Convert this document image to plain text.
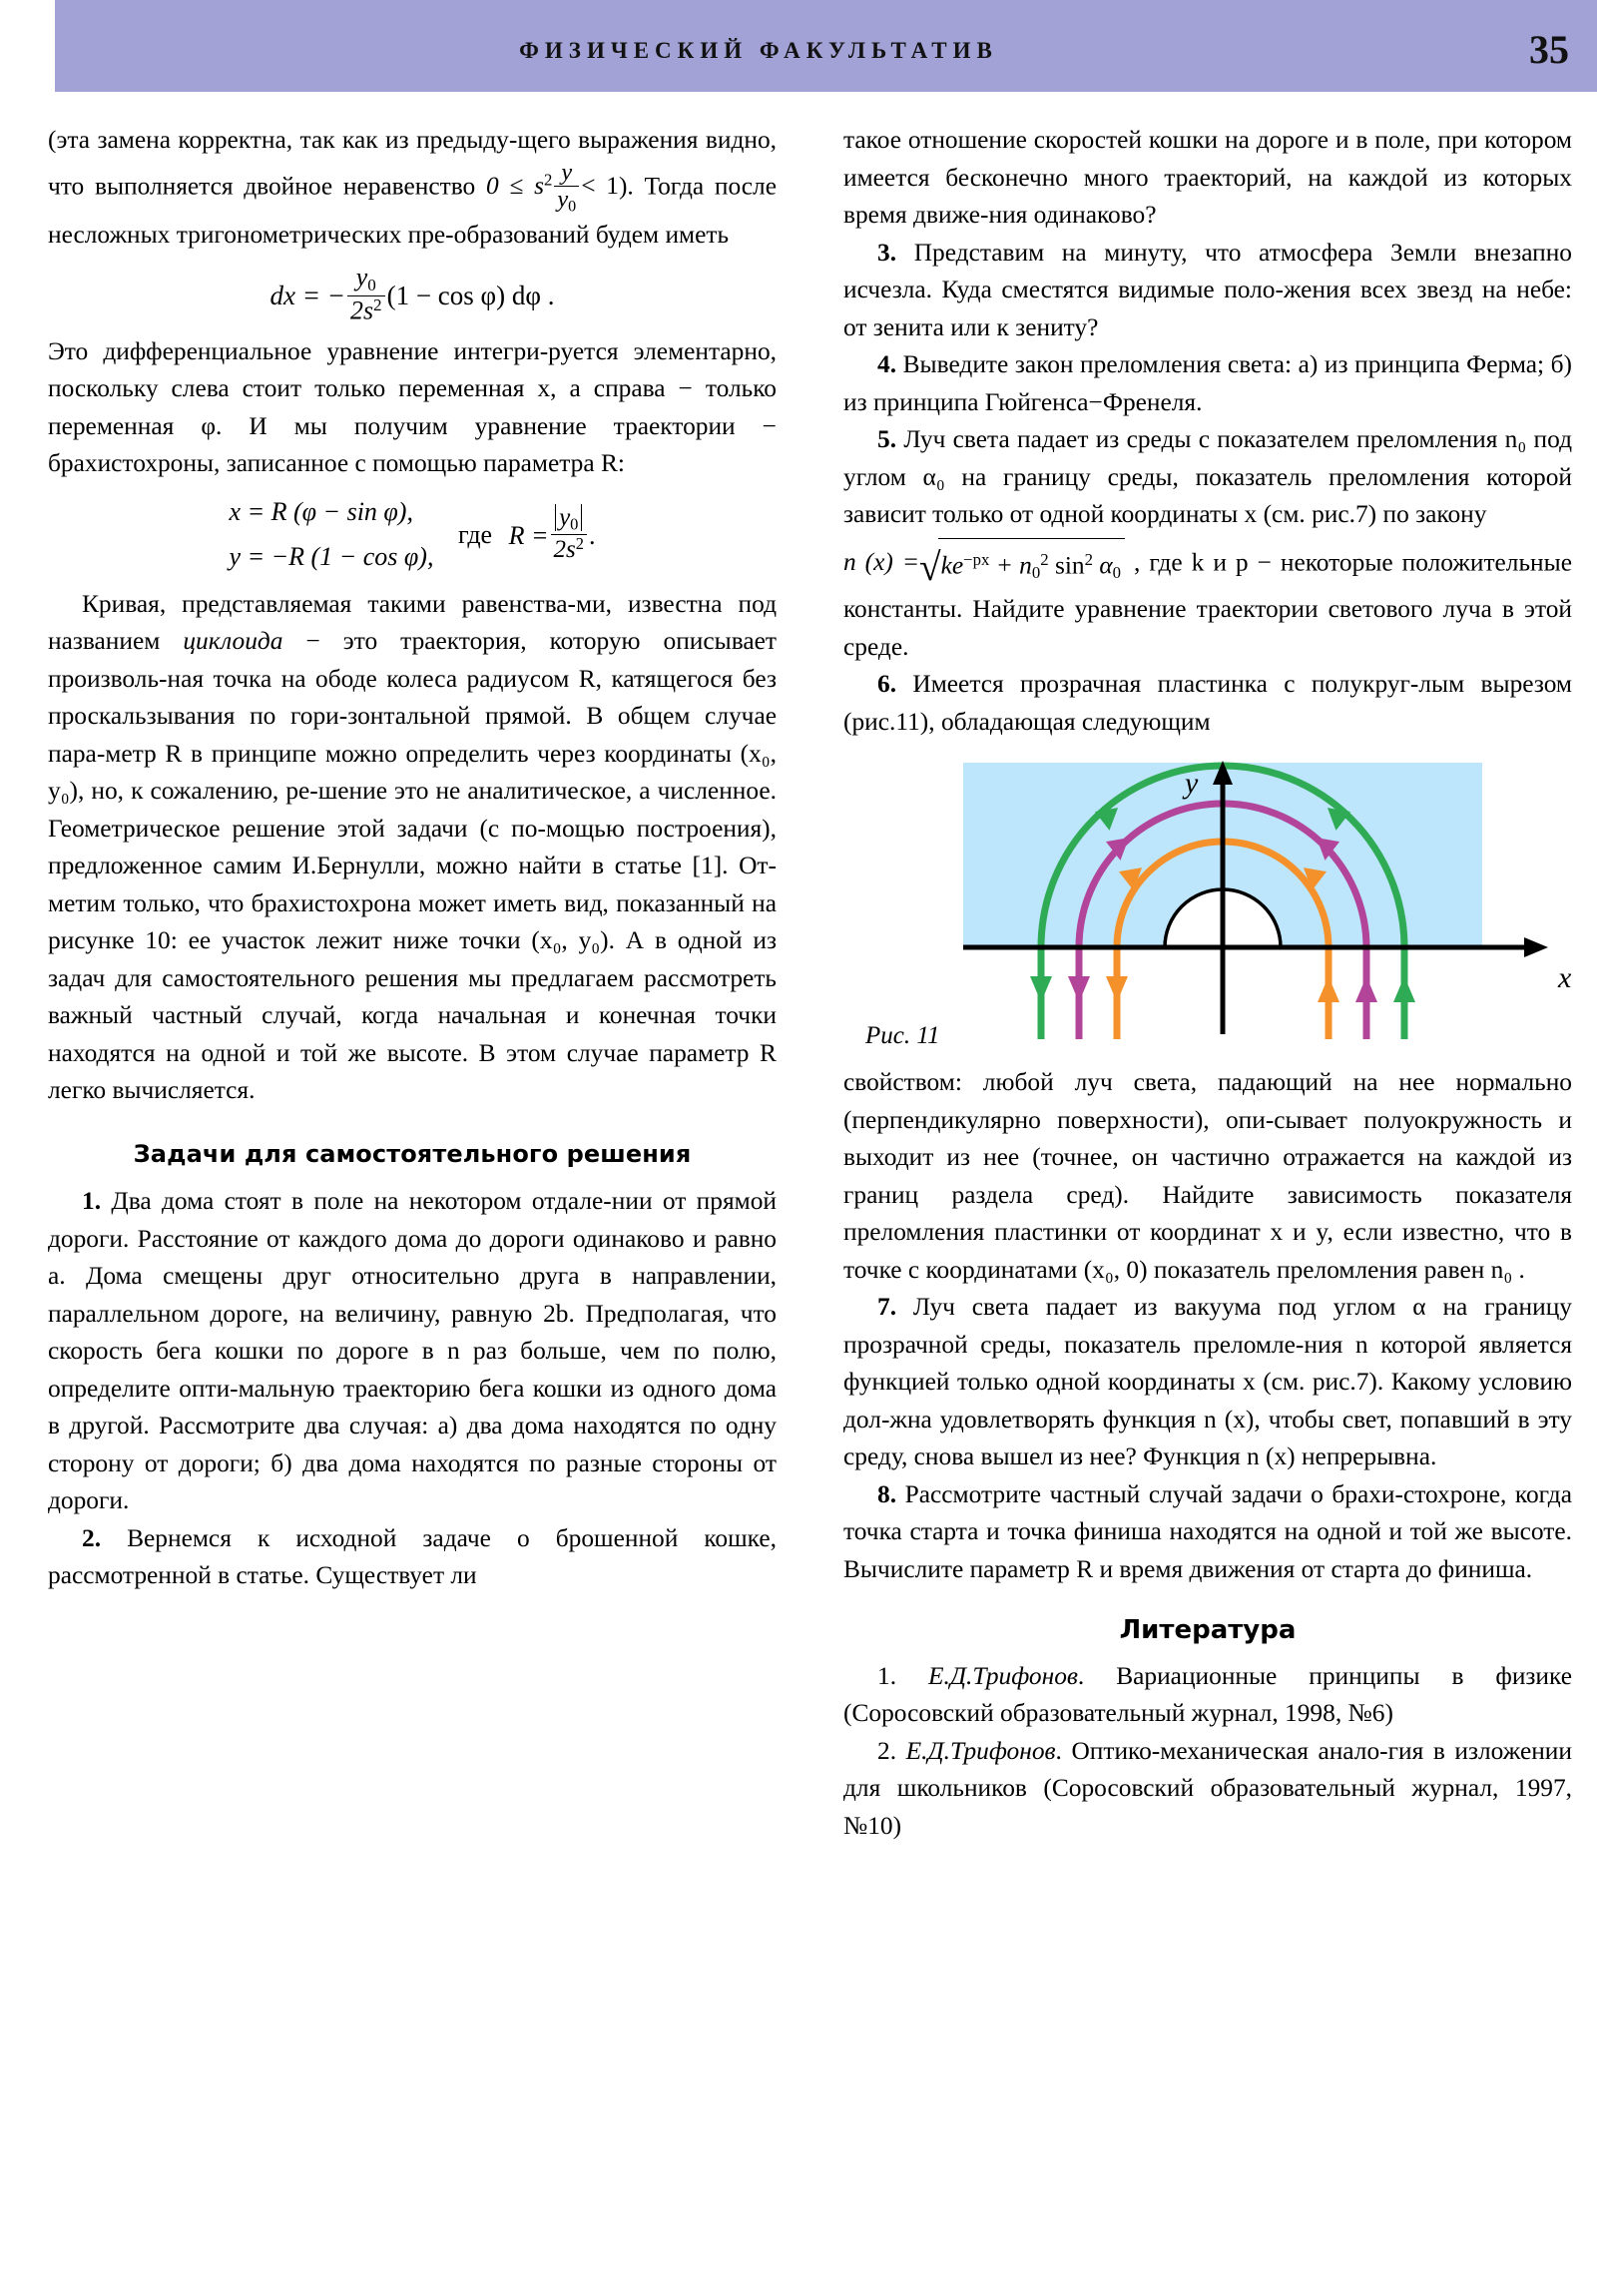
ФИЗИЧЕСКИЙ ФАКУЛЬТАТИВ	35

(эта замена корректна, так как из предыду-щего выражения видно, что выполняется двойное неравенство $0 \le s^2 \frac{y}{y_0} < 1$). Тогда после несложных тригонометрических пре-образований будем иметь

dx = − $\frac{y_0}{2s^2} (1 - \cos \varphi)$ dφ .

Это дифференциальное уравнение интегри-руется элементарно, поскольку слева стоит только переменная x, а справа − только переменная φ. И мы получим уравнение траектории − брахистохроны, записанное с помощью параметра R:

x = R (φ − sin φ),
y = −R (1 − cos φ),
где $R = \frac{y_0}{2s^2}$ .

Кривая, представляемая такими равенства-ми, известна под названием циклоида − это траектория, которую описывает произволь-ная точка на ободе колеса радиусом R, катящегося без проскальзывания по гори-зонтальной прямой. В общем случае пара-метр R в принципе можно определить через координаты (x₀, y₀), но, к сожалению, ре-шение это не аналитическое, а численное. Геометрическое решение этой задачи (с по-мощью построения), предложенное самим И.Бернулли, можно найти в статье [1]. От-метим только, что брахистохрона может иметь вид, показанный на рисунке 10: ее участок лежит ниже точки (x₀, y₀). А в одной из задач для самостоятельного решения мы предлагаем рассмотреть важный частный случай, когда начальная и конечная точки находятся на одной и той же высоте. В этом случае параметр R легко вычисляется.

Задачи для самостоятельного решения

1. Два дома стоят в поле на некотором отдале-нии от прямой дороги. Расстояние от каждого дома до дороги одинаково и равно a. Дома смещены друг относительно друга в направлении, параллельном дороге, на величину, равную 2b. Предполагая, что скорость бега кошки по дороге в n раз больше, чем по полю, определите опти-мальную траекторию бега кошки из одного дома в другой. Рассмотрите два случая: а) два дома находятся по одну сторону от дороги; б) два дома находятся по разные стороны от дороги.

2. Вернемся к исходной задаче о брошенной кошке, рассмотренной в статье. Существует ли

такое отношение скоростей кошки на дороге и в поле, при котором имеется бесконечно много траекторий, на каждой из которых время движе-ния одинаково?

3. Представим на минуту, что атмосфера Земли внезапно исчезла. Куда сместятся видимые поло-жения всех звезд на небе: от зенита или к зениту?

4. Выведите закон преломления света: а) из принципа Ферма; б) из принципа Гюйгенса−Френеля.

5. Луч света падает из среды с показателем преломления n₀ под углом α₀ на границу среды, показатель преломления которой зависит только от одной координаты x (см. рис.7) по закону

n $(x) =√ke^{-px} + n_0^2$ $\sin^2 \alpha_0$ , где k и p − некоторые положительные константы. Найдите уравнение траектории светового луча в этой среде.

6. Имеется прозрачная пластинка с полукруг-лым вырезом (рис.11), обладающая следующим

x
y
Рис. 11

свойством: любой луч света, падающий на нее нормально (перпендикулярно поверхности), опи-сывает полуокружность и выходит из нее (точнее, он частично отражается на каждой из границ раздела сред). Найдите зависимость показателя преломления пластинки от координат x и y, если известно, что в точке с координатами (x₀, 0) показатель преломления равен n₀ .

7. Луч света падает из вакуума под углом α на границу прозрачной среды, показатель преломле-ния n которой является функцией только одной координаты x (см. рис.7). Какому условию дол-жна удовлетворять функция n (x), чтобы свет, попавший в эту среду, снова вышел из нее? Функция n (x) непрерывна.

8. Рассмотрите частный случай задачи о брахи-стохроне, когда точка старта и точка финиша находятся на одной и той же высоте. Вычислите параметр R и время движения от старта до финиша.

Литература

1. Е.Д.Трифонов. Вариационные принципы в физике (Соросовский образовательный журнал, 1998, №6)

2. Е.Д.Трифонов. Оптико-механическая анало-гия в изложении для школьников (Соросовский образовательный журнал, 1997, №10)
